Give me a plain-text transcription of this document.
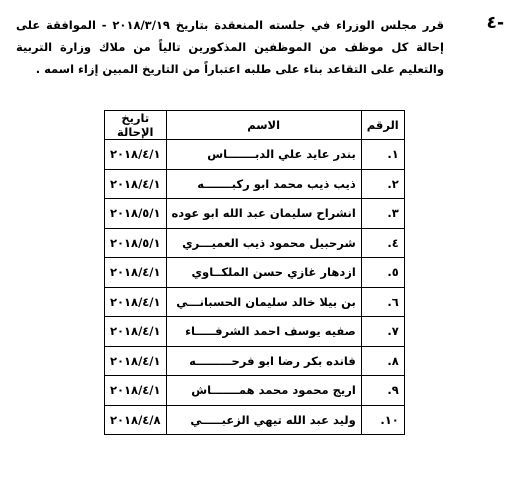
٤-
قرر مجلس الوزراء في جلسته المنعقدة بتاريخ ٢٠١٨/٣/١٩ - الموافقة على إحالة كل موظف من الموظفين المذكورين تالياً من ملاك وزارة التربية والتعليم على التقاعد بناء على طلبه اعتباراً من التاريخ المبين إزاء اسمه .
الرقم	الاسم	تاريخ الإحالة
١.	بندر عايد علي الدبـــــــاس	٢٠١٨/٤/١
٢.	ذيب ذيب محمد ابو ركبـــــــه	٢٠١٨/٤/١
٣.	انشراح سليمان عبد الله ابو عوده	٢٠١٨/٥/١
٤.	شرحبيل محمود ذيب العميـــري	٢٠١٨/٥/١
٥.	ازدهار غازي حسن الملكــاوي	٢٠١٨/٤/١
٦.	بن بيلا خالد سليمان الحسبانـــي	٢٠١٨/٤/١
٧.	صفيه يوسف احمد الشرفـــــاء	٢٠١٨/٤/١
٨.	فانده بكر رضا ابو فرحـــــــــه	٢٠١٨/٤/١
٩.	اريج محمود محمد همـــــــاش	٢٠١٨/٤/١
١٠.	وليد عبد الله تيهي الزعبـــــي	٢٠١٨/٤/٨
